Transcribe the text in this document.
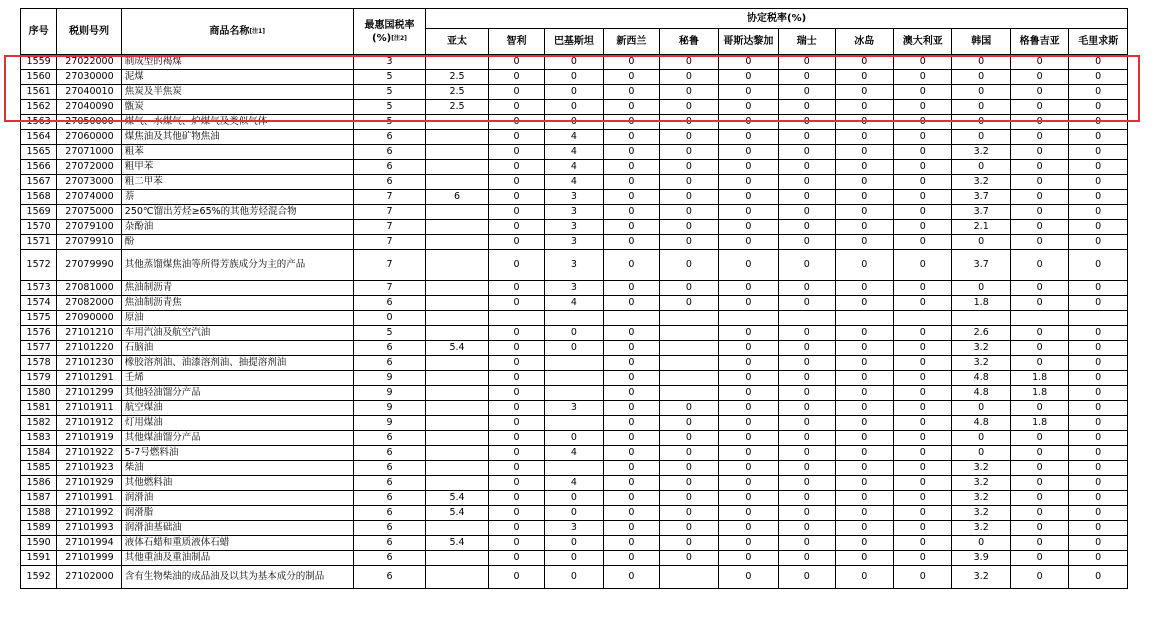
序号	税则号列	商品名称[注1]	最惠国税率
(%)[注2]	协定税率(%)											
				亚太	智利	巴基斯坦	新西兰	秘鲁	哥斯达黎加	瑞士	冰岛	澳大利亚	韩国	格鲁吉亚	毛里求斯
1559	27022000	制成型的褐煤	3		0	0	0	0	0	0	0	0	0	0	0
1560	27030000	泥煤	5	2.5	0	0	0	0	0	0	0	0	0	0	0
1561	27040010	焦炭及半焦炭	5	2.5	0	0	0	0	0	0	0	0	0	0	0
1562	27040090	甑炭	5	2.5	0	0	0	0	0	0	0	0	0	0	0
1563	27050000	煤气、水煤气、炉煤气及类似气体	5		0	0	0	0	0	0	0	0	0	0	0
1564	27060000	煤焦油及其他矿物焦油	6		0	4	0	0	0	0	0	0	0	0	0
1565	27071000	粗苯	6		0	4	0	0	0	0	0	0	3.2	0	0
1566	27072000	粗甲苯	6		0	4	0	0	0	0	0	0	0	0	0
1567	27073000	粗二甲苯	6		0	4	0	0	0	0	0	0	3.2	0	0
1568	27074000	萘	7	6	0	3	0	0	0	0	0	0	3.7	0	0
1569	27075000	250℃馏出芳烃≥65%的其他芳烃混合物	7		0	3	0	0	0	0	0	0	3.7	0	0
1570	27079100	杂酚油	7		0	3	0	0	0	0	0	0	2.1	0	0
1571	27079910	酚	7		0	3	0	0	0	0	0	0	0	0	0
1572	27079990	其他蒸馏煤焦油等所得芳族成分为主的产品	7		0	3	0	0	0	0	0	0	3.7	0	0
1573	27081000	焦油制沥青	7		0	3	0	0	0	0	0	0	0	0	0
1574	27082000	焦油制沥青焦	6		0	4	0	0	0	0	0	0	1.8	0	0
1575	27090000	原油	0												
1576	27101210	车用汽油及航空汽油	5		0	0	0		0	0	0	0	2.6	0	0
1577	27101220	石脑油	6	5.4	0	0	0		0	0	0	0	3.2	0	0
1578	27101230	橡胶溶剂油、油漆溶剂油、抽提溶剂油	6		0		0		0	0	0	0	3.2	0	0
1579	27101291	壬烯	9		0		0		0	0	0	0	4.8	1.8	0
1580	27101299	其他轻油馏分产品	9		0		0		0	0	0	0	4.8	1.8	0
1581	27101911	航空煤油	9		0	3	0	0	0	0	0	0	0	0	0
1582	27101912	灯用煤油	9		0		0	0	0	0	0	0	4.8	1.8	0
1583	27101919	其他煤油馏分产品	6		0	0	0	0	0	0	0	0	0	0	0
1584	27101922	5-7号燃料油	6		0	4	0	0	0	0	0	0	0	0	0
1585	27101923	柴油	6		0		0	0	0	0	0	0	3.2	0	0
1586	27101929	其他燃料油	6		0	4	0	0	0	0	0	0	3.2	0	0
1587	27101991	润滑油	6	5.4	0	0	0	0	0	0	0	0	3.2	0	0
1588	27101992	润滑脂	6	5.4	0	0	0	0	0	0	0	0	3.2	0	0
1589	27101993	润滑油基础油	6		0	3	0	0	0	0	0	0	3.2	0	0
1590	27101994	液体石蜡和重质液体石蜡	6	5.4	0	0	0	0	0	0	0	0	0	0	0
1591	27101999	其他重油及重油制品	6		0	0	0	0	0	0	0	0	3.9	0	0
1592	27102000	含有生物柴油的成品油及以其为基本成分的制品	6		0	0	0		0	0	0	0	3.2	0	0
